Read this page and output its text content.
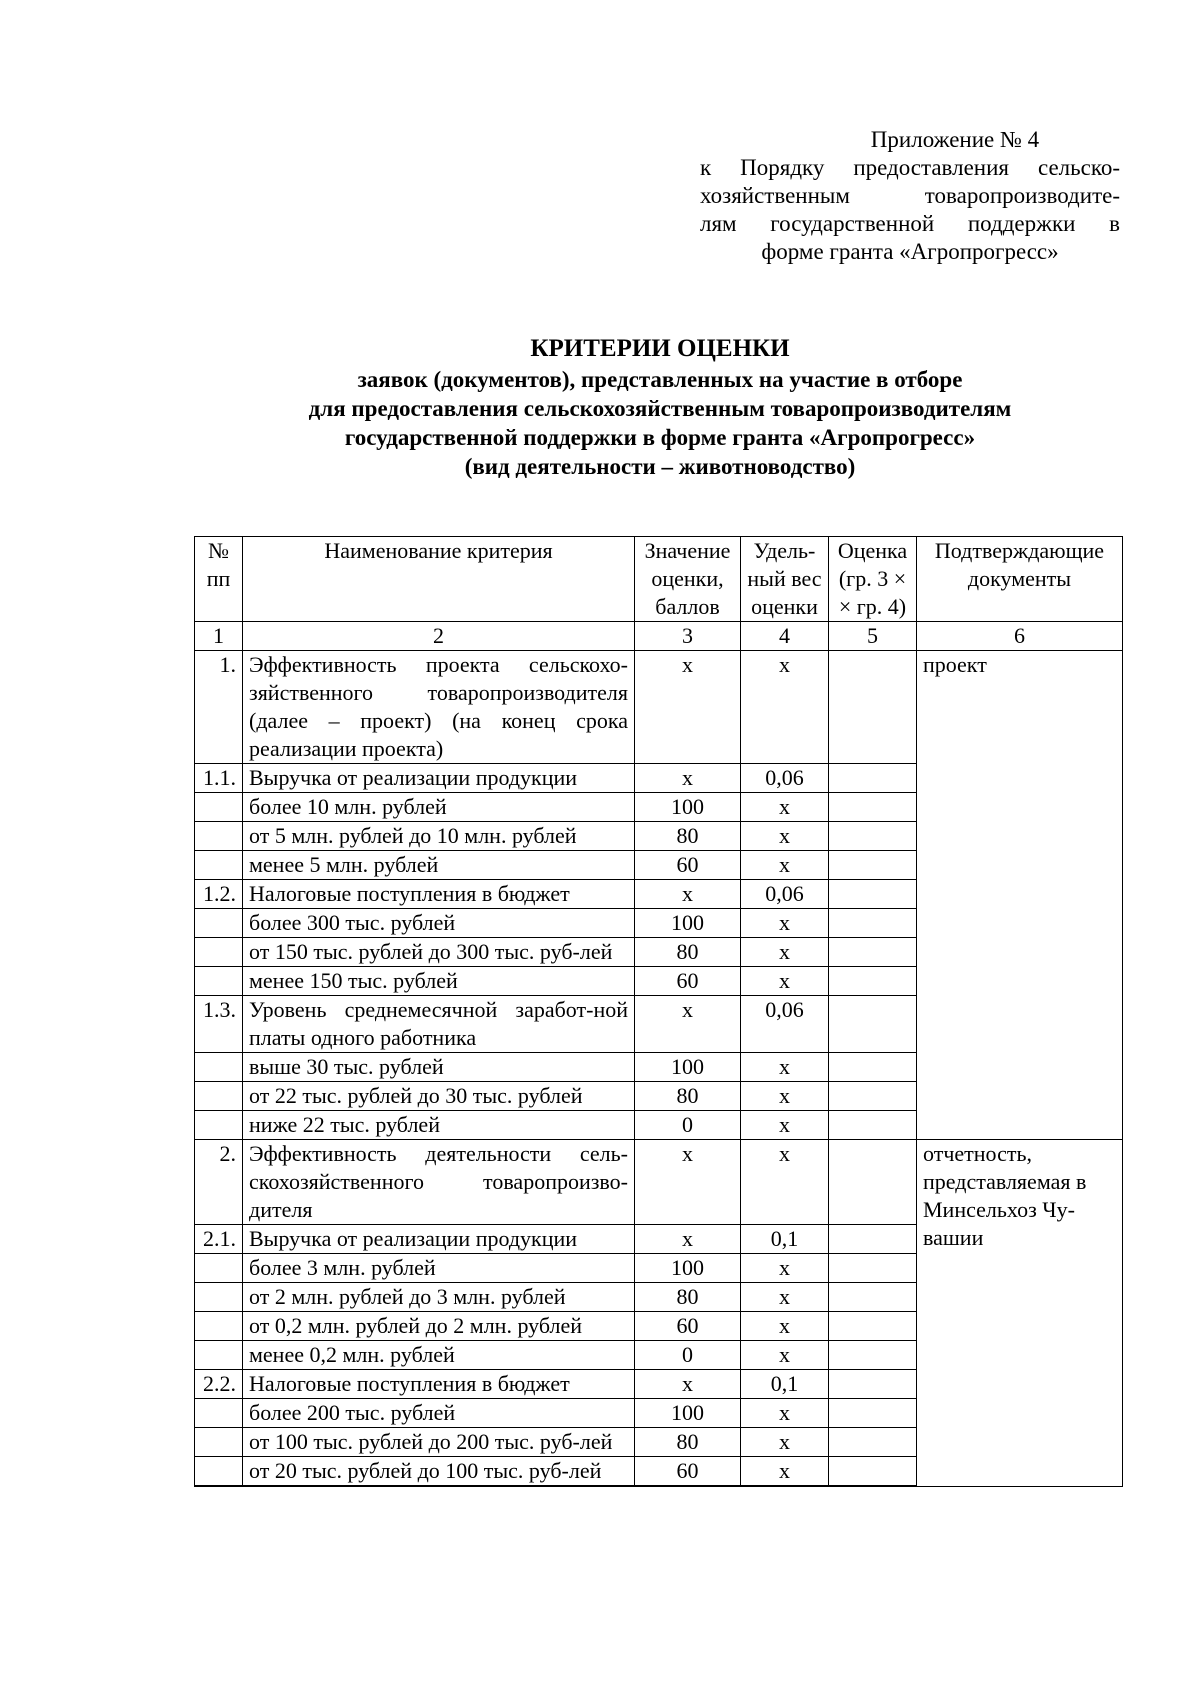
Приложение № 4
к Порядку предоставления сельско-
хозяйственным товаропроизводите-
лям государственной поддержки в
форме гранта «Агропрогресс»
КРИТЕРИИ ОЦЕНКИ
заявок (документов), представленных на участие в отборе
для предоставления сельскохозяйственным товаропроизводителям
государственной поддержки в форме гранта «Агропрогресс»
(вид деятельности – животноводство)
№ пп	Наименование критерия	Значение оценки, баллов	Удель-ный вес оценки	Оценка (гр. 3 × × гр. 4)	Подтверждающие документы
1	2	3	4	5	6
1.	Эффективность проекта сельскохо-зяйственного товаропроизводителя (далее – проект) (на конец срока реализации проекта)	х	х		проект
1.1.	Выручка от реализации продукции	х	0,06		
	более 10 млн. рублей	100	х		
	от 5 млн. рублей до 10 млн. рублей	80	х		
	менее 5 млн. рублей	60	х		
1.2.	Налоговые поступления в бюджет	х	0,06		
	более 300 тыс. рублей	100	х		
	от 150 тыс. рублей до 300 тыс. руб-лей	80	х		
	менее 150 тыс. рублей	60	х		
1.3.	Уровень среднемесячной заработ-ной платы одного работника	х	0,06		
	выше 30 тыс. рублей	100	х		
	от 22 тыс. рублей до 30 тыс. рублей	80	х		
	ниже 22 тыс. рублей	0	х		
2.	Эффективность деятельности сель-скохозяйственного товаропроизво-дителя	х	х		отчетность, представляемая в Минсельхоз Чу-вашии
2.1.	Выручка от реализации продукции	х	0,1		
	более 3 млн. рублей	100	х		
	от 2 млн. рублей до 3 млн. рублей	80	х		
	от 0,2 млн. рублей до 2 млн. рублей	60	х		
	менее 0,2 млн. рублей	0	х		
2.2.	Налоговые поступления в бюджет	х	0,1		
	более 200 тыс. рублей	100	х		
	от 100 тыс. рублей до 200 тыс. руб-лей	80	х		
	от 20 тыс. рублей до 100 тыс. руб-лей	60	х		
